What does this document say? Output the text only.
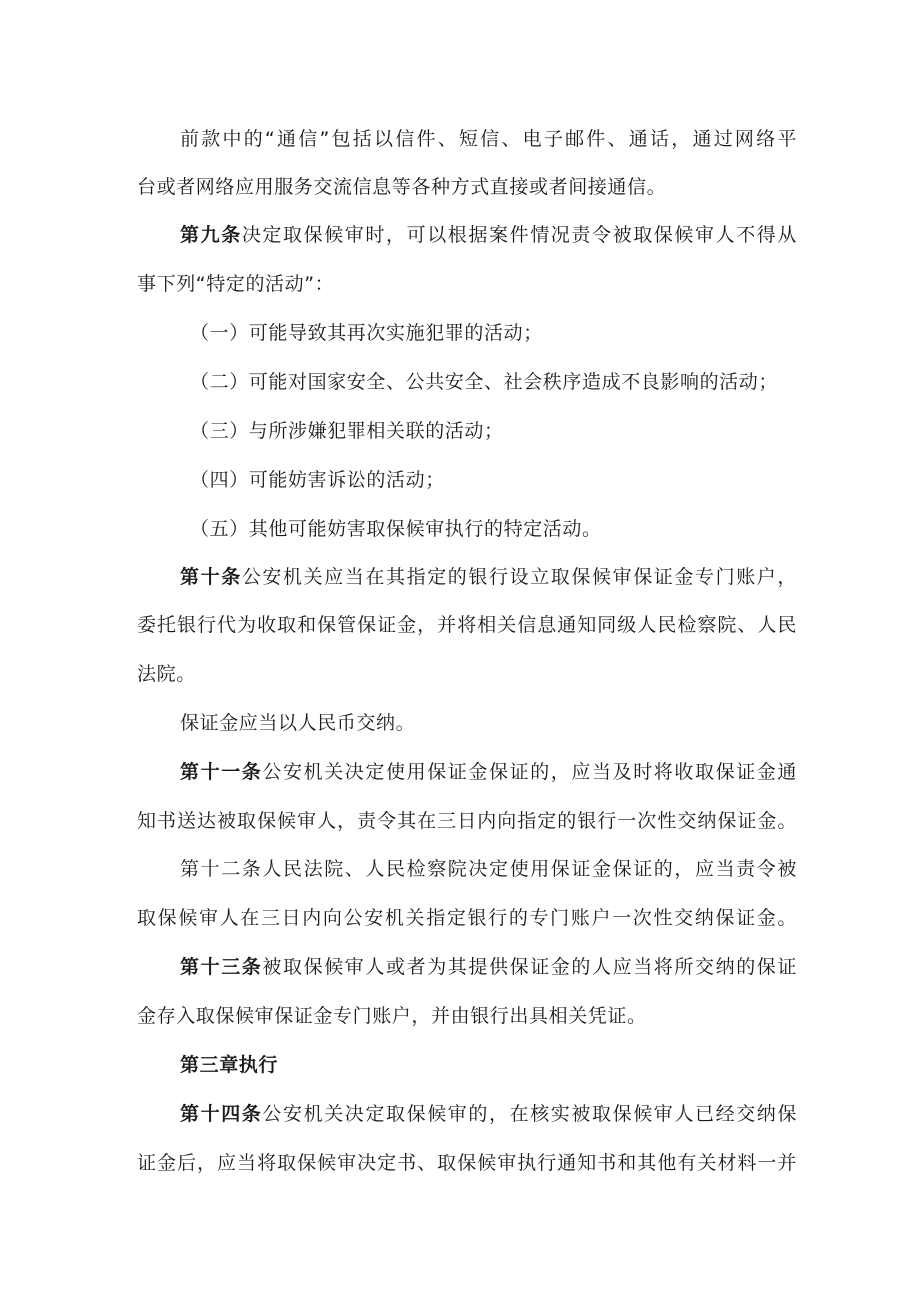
前款中的“通信”包括以信件、短信、电子邮件、通话，通过网络平
台或者网络应用服务交流信息等各种方式直接或者间接通信。
第九条决定取保候审时，可以根据案件情况责令被取保候审人不得从
事下列“特定的活动”：
（一）可能导致其再次实施犯罪的活动；
（二）可能对国家安全、公共安全、社会秩序造成不良影响的活动；
（三）与所涉嫌犯罪相关联的活动；
（四）可能妨害诉讼的活动；
（五）其他可能妨害取保候审执行的特定活动。
第十条公安机关应当在其指定的银行设立取保候审保证金专门账户，
委托银行代为收取和保管保证金，并将相关信息通知同级人民检察院、人民
法院。
保证金应当以人民币交纳。
第十一条公安机关决定使用保证金保证的，应当及时将收取保证金通
知书送达被取保候审人，责令其在三日内向指定的银行一次性交纳保证金。
第十二条人民法院、人民检察院决定使用保证金保证的，应当责令被
取保候审人在三日内向公安机关指定银行的专门账户一次性交纳保证金。
第十三条被取保候审人或者为其提供保证金的人应当将所交纳的保证
金存入取保候审保证金专门账户，并由银行出具相关凭证。
第三章执行
第十四条公安机关决定取保候审的，在核实被取保候审人已经交纳保
证金后，应当将取保候审决定书、取保候审执行通知书和其他有关材料一并
